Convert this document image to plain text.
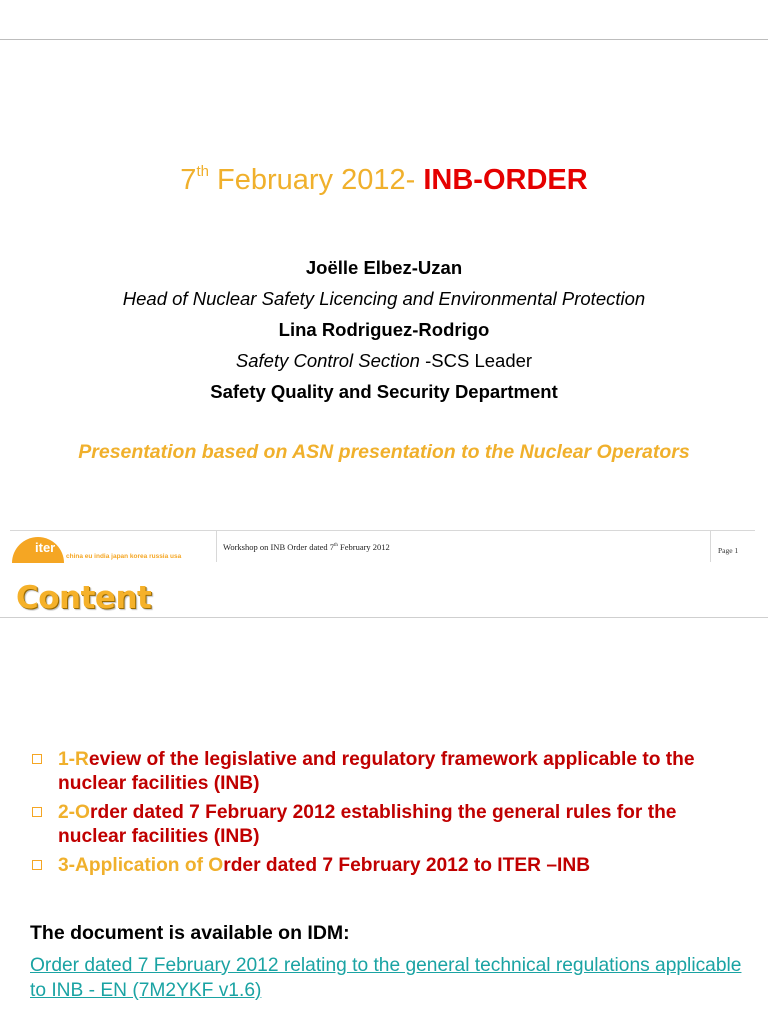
7th February 2012- INB-ORDER
Joëlle Elbez-Uzan
Head of Nuclear Safety Licencing and Environmental Protection
Lina Rodriguez-Rodrigo
Safety Control Section -SCS Leader
Safety Quality and Security Department
Presentation based on ASN presentation to the Nuclear Operators
iter
china eu india japan korea russia usa
Workshop on INB Order dated 7th February 2012	Page 1
Content
1-Review of the legislative and regulatory framework applicable to the nuclear facilities (INB)
2-Order dated 7 February 2012 establishing the general rules for the nuclear facilities (INB)
3-Application of Order dated 7 February 2012 to ITER –INB
The document is available on IDM:
Order dated 7 February 2012 relating to the general technical regulations applicable to INB - EN (7M2YKF v1.6)
